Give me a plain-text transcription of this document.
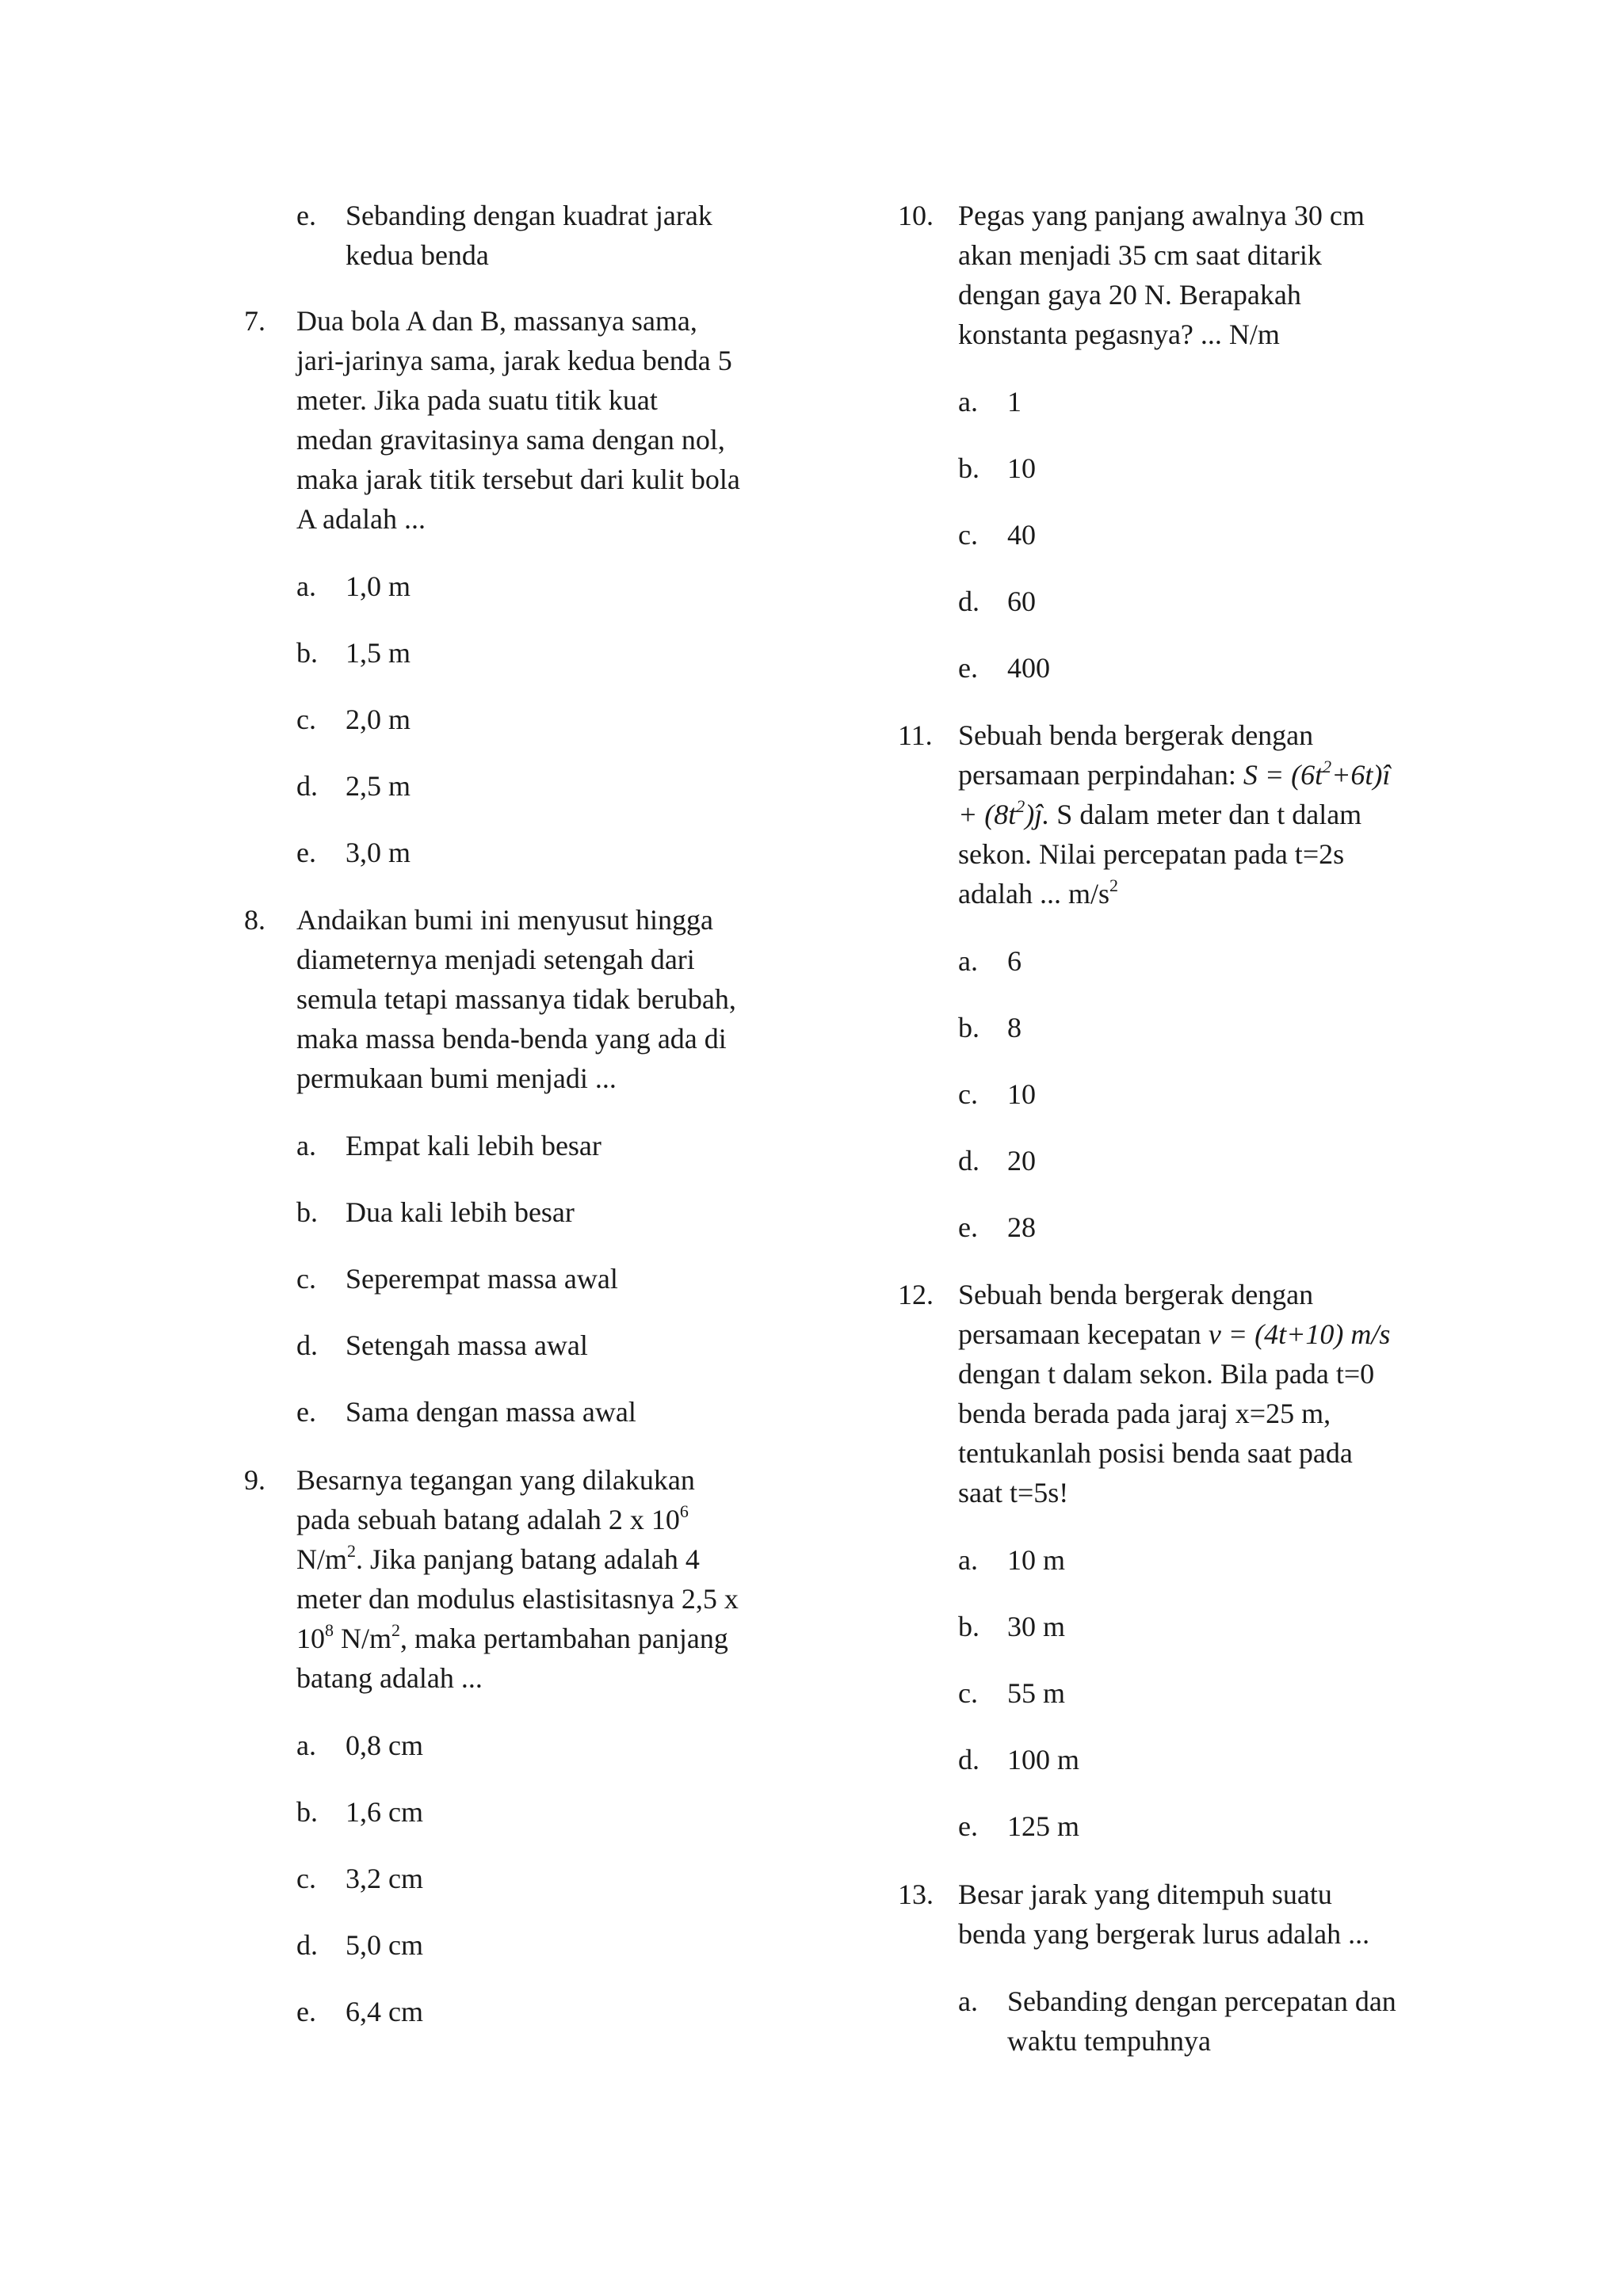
e. Sebanding dengan kuadrat jarak
kedua benda
7. Dua bola A dan B, massanya sama,
jari-jarinya sama, jarak kedua benda 5
meter. Jika pada suatu titik kuat
medan gravitasinya sama dengan nol,
maka jarak titik tersebut dari kulit bola
A adalah ...
a. 1,0 m
b. 1,5 m
c. 2,0 m
d. 2,5 m
e. 3,0 m
8. Andaikan bumi ini menyusut hingga
diameternya menjadi setengah dari
semula tetapi massanya tidak berubah,
maka massa benda-benda yang ada di
permukaan bumi menjadi ...
a. Empat kali lebih besar
b. Dua kali lebih besar
c. Seperempat massa awal
d. Setengah massa awal
e. Sama dengan massa awal
9. Besarnya tegangan yang dilakukan
pada sebuah batang adalah 2 x $10^6$
$N/m^2$. Jika panjang batang adalah 4
meter dan modulus elastisitasnya 2,5 x
$10^8$ $N/m^2$, maka pertambahan panjang
batang adalah ...
a. 0,8 cm
b. 1,6 cm
c. 3,2 cm
d. 5,0 cm
e. 6,4 cm
10. Pegas yang panjang awalnya 30 cm
akan menjadi 35 cm saat ditarik
dengan gaya 20 N. Berapakah
konstanta pegasnya? ... N/m
a. 1
b. 10
c. 40
d. 60
e. 400
11. Sebuah benda bergerak dengan
persamaan perpindahan: $S = (6t^2+6t)î$
+ $(8t^2)ĵ$. S dalam meter dan t dalam
sekon. Nilai percepatan pada t=2s
adalah ... $m/s^2$
a. 6
b. 8
c. 10
d. 20
e. 28
12. Sebuah benda bergerak dengan
persamaan kecepatan v = (4t+10) m/s
dengan t dalam sekon. Bila pada t=0
benda berada pada jaraj x=25 m,
tentukanlah posisi benda saat pada
saat t=5s!
a. 10 m
b. 30 m
c. 55 m
d. 100 m
e. 125 m
13. Besar jarak yang ditempuh suatu
benda yang bergerak lurus adalah ...
a. Sebanding dengan percepatan dan
waktu tempuhnya
